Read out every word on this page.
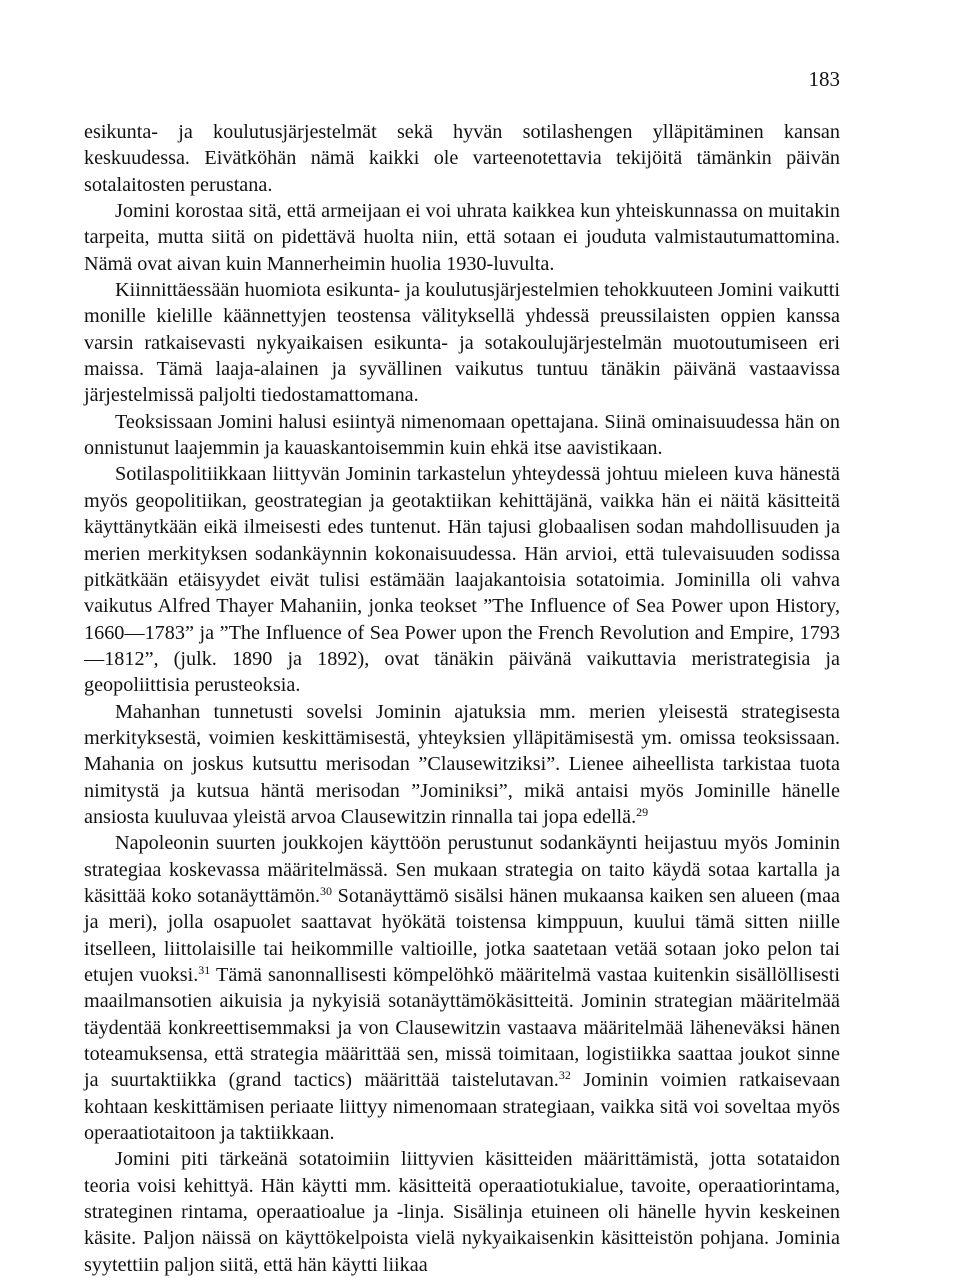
183

esikunta- ja koulutusjärjestelmät sekä hyvän sotilashengen ylläpitäminen kansan keskuudessa. Eivätköhän nämä kaikki ole varteenotettavia tekijöitä tämänkin päivän sotalaitosten perustana.

Jomini korostaa sitä, että armeijaan ei voi uhrata kaikkea kun yhteiskunnassa on muitakin tarpeita, mutta siitä on pidettävä huolta niin, että sotaan ei jouduta valmistautumattomina. Nämä ovat aivan kuin Mannerheimin huolia 1930-luvulta.

Kiinnittäessään huomiota esikunta- ja koulutusjärjestelmien tehokkuuteen Jomini vaikutti monille kielille käännettyjen teostensa välityksellä yhdessä preussilaisten oppien kanssa varsin ratkaisevasti nykyaikaisen esikunta- ja sotakoulujärjestelmän muotoutumiseen eri maissa. Tämä laaja-alainen ja syvällinen vaikutus tuntuu tänäkin päivänä vastaavissa järjestelmissä paljolti tiedostamattomana.

Teoksissaan Jomini halusi esiintyä nimenomaan opettajana. Siinä ominaisuudessa hän on onnistunut laajemmin ja kauaskantoisemmin kuin ehkä itse aavistikaan.

Sotilaspolitiikkaan liittyvän Jominin tarkastelun yhteydessä johtuu mieleen kuva hänestä myös geopolitiikan, geostrategian ja geotaktiikan kehittäjänä, vaikka hän ei näitä käsitteitä käyttänytkään eikä ilmeisesti edes tuntenut. Hän tajusi globaalisen sodan mahdollisuuden ja merien merkityksen sodankäynnin kokonaisuudessa. Hän arvioi, että tulevaisuuden sodissa pitkätkään etäisyydet eivät tulisi estämään laajakantoisia sotatoimia. Jominilla oli vahva vaikutus Alfred Thayer Mahaniin, jonka teokset ”The Influence of Sea Power upon History, 1660—1783” ja ”The Influence of Sea Power upon the French Revolution and Empire, 1793—1812”, (julk. 1890 ja 1892), ovat tänäkin päivänä vaikuttavia meristrategisia ja geopoliittisia perusteoksia.

Mahanhan tunnetusti sovelsi Jominin ajatuksia mm. merien yleisestä strategisesta merkityksestä, voimien keskittämisestä, yhteyksien ylläpitämisestä ym. omissa teoksissaan. Mahania on joskus kutsuttu merisodan ”Clausewitziksi”. Lienee aiheellista tarkistaa tuota nimitystä ja kutsua häntä merisodan ”Jominiksi”, mikä antaisi myös Jominille hänelle ansiosta kuuluvaa yleistä arvoa Clausewitzin rinnalla tai jopa edellä.$^{29}$

Napoleonin suurten joukkojen käyttöön perustunut sodankäynti heijastuu myös Jominin strategiaa koskevassa määritelmässä. Sen mukaan strategia on taito käydä sotaa kartalla ja käsittää koko sotanäyttämön.$^{30}$ Sotanäyttämö sisälsi hänen mukaansa kaiken sen alueen (maa ja meri), jolla osapuolet saattavat hyökätä toistensa kimppuun, kuului tämä sitten niille itselleen, liittolaisille tai heikommille valtioille, jotka saatetaan vetää sotaan joko pelon tai etujen vuoksi.$^{31}$ Tämä sanonnallisesti kömpelöhkö määritelmä vastaa kuitenkin sisällöllisesti maailmansotien aikuisia ja nykyisiä sotanäyttämökäsitteitä. Jominin strategian määritelmää täydentää konkreettisemmaksi ja von Clausewitzin vastaava määritelmää läheneväksi hänen toteamuksensa, että strategia määrittää sen, missä toimitaan, logistiikka saattaa joukot sinne ja suurtaktiikka (grand tactics) määrittää taistelutavan.$^{32}$ Jominin voimien ratkaisevaan kohtaan keskittämisen periaate liittyy nimenomaan strategiaan, vaikka sitä voi soveltaa myös operaatiotaitoon ja taktiikkaan.

Jomini piti tärkeänä sotatoimiin liittyvien käsitteiden määrittämistä, jotta sotataidon teoria voisi kehittyä. Hän käytti mm. käsitteitä operaatiotukialue, tavoite, operaatiorintama, strateginen rintama, operaatioalue ja -linja. Sisälinja etuineen oli hänelle hyvin keskeinen käsite. Paljon näissä on käyttökelpoista vielä nykyaikaisenkin käsitteistön pohjana. Jominia syytettiin paljon siitä, että hän käytti liikaa
